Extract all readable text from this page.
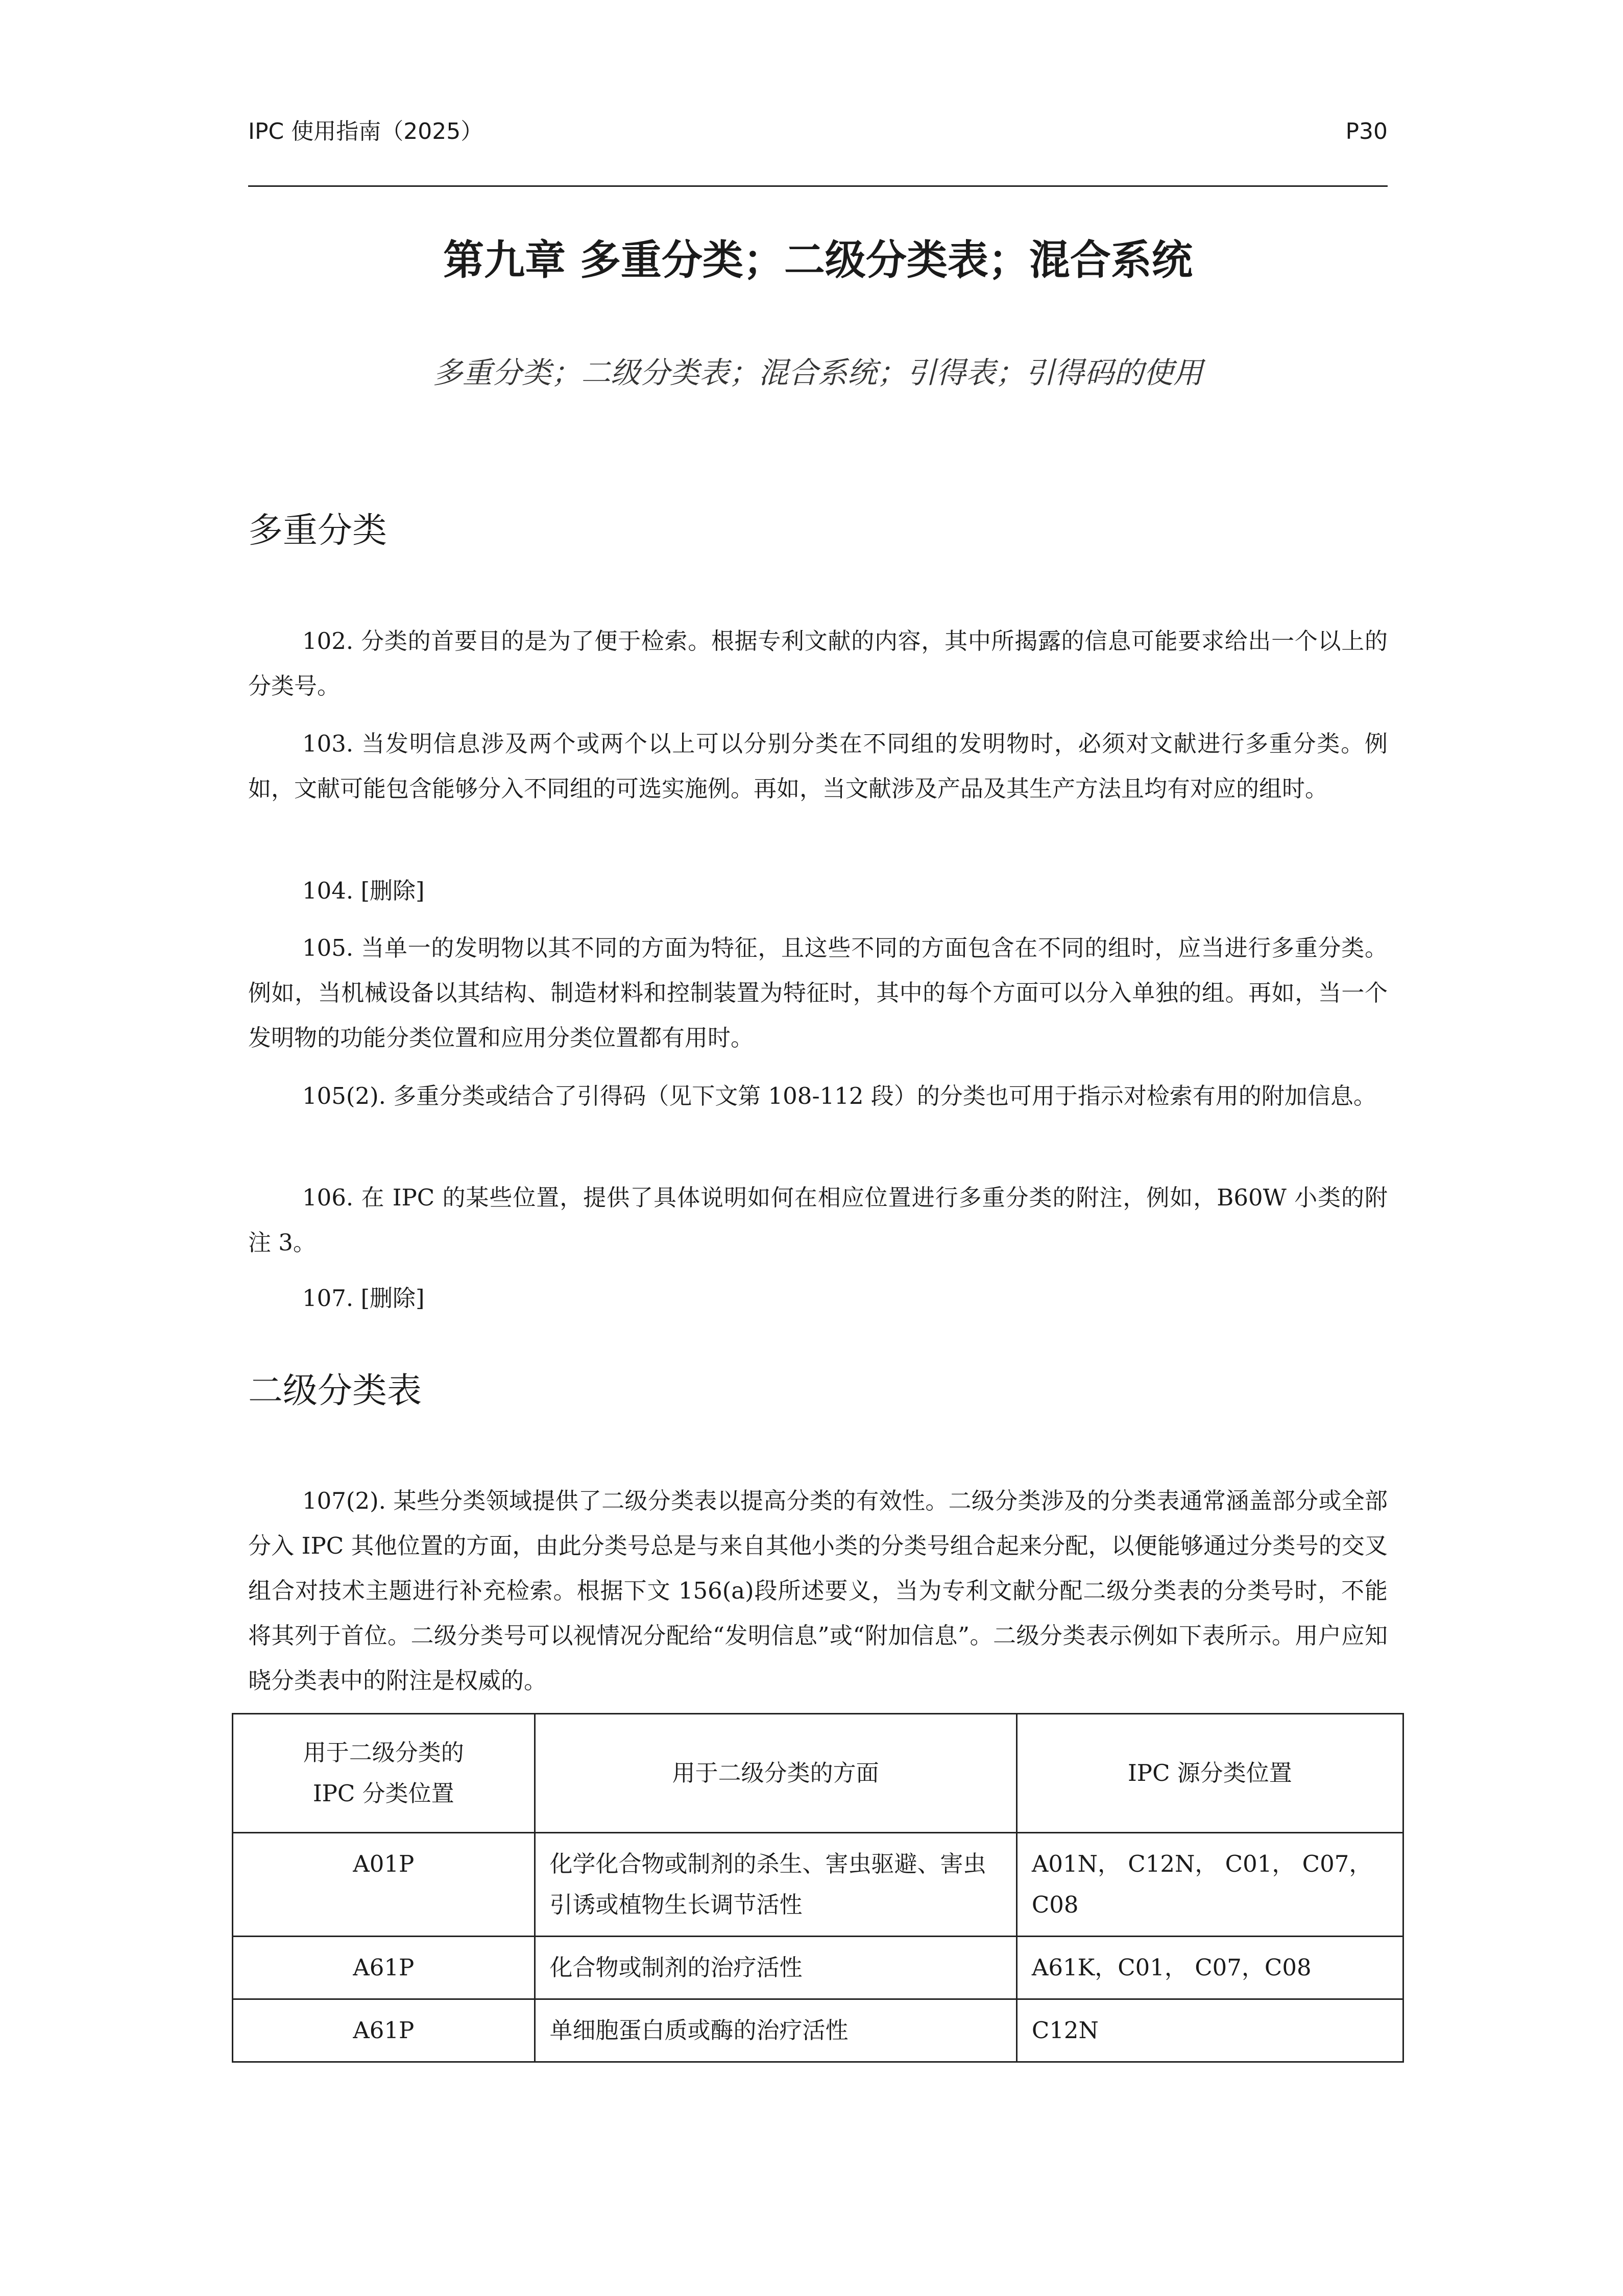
IPC 使用指南（2025）	P30
第九章 多重分类；二级分类表；混合系统
多重分类；二级分类表；混合系统；引得表；引得码的使用
多重分类

102. 分类的首要目的是为了便于检索。根据专利文献的内容，其中所揭露的信息可能要求给出一个以上的分类号。

103. 当发明信息涉及两个或两个以上可以分别分类在不同组的发明物时，必须对文献进行多重分类。例如，文献可能包含能够分入不同组的可选实施例。再如，当文献涉及产品及其生产方法且均有对应的组时。

104. [删除]

105. 当单一的发明物以其不同的方面为特征，且这些不同的方面包含在不同的组时，应当进行多重分类。例如，当机械设备以其结构、制造材料和控制装置为特征时，其中的每个方面可以分入单独的组。再如，当一个发明物的功能分类位置和应用分类位置都有用时。

105(2). 多重分类或结合了引得码（见下文第 108-112 段）的分类也可用于指示对检索有用的附加信息。

106. 在 IPC 的某些位置，提供了具体说明如何在相应位置进行多重分类的附注，例如，B60W 小类的附注 3。

107. [删除]

二级分类表

107(2). 某些分类领域提供了二级分类表以提高分类的有效性。二级分类涉及的分类表通常涵盖部分或全部分入 IPC 其他位置的方面，由此分类号总是与来自其他小类的分类号组合起来分配，以便能够通过分类号的交叉组合对技术主题进行补充检索。根据下文 156(a)段所述要义，当为专利文献分配二级分类表的分类号时，不能将其列于首位。二级分类号可以视情况分配给“发明信息”或“附加信息”。二级分类表示例如下表所示。用户应知晓分类表中的附注是权威的。

用于二级分类的
IPC 分类位置	用于二级分类的方面	IPC 源分类位置
A01P	化学化合物或制剂的杀生、害虫驱避、害虫引诱或植物生长调节活性	A01N， C12N， C01， C07， C08
A61P	化合物或制剂的治疗活性	A61K，C01， C07，C08
A61P	单细胞蛋白质或酶的治疗活性	C12N
